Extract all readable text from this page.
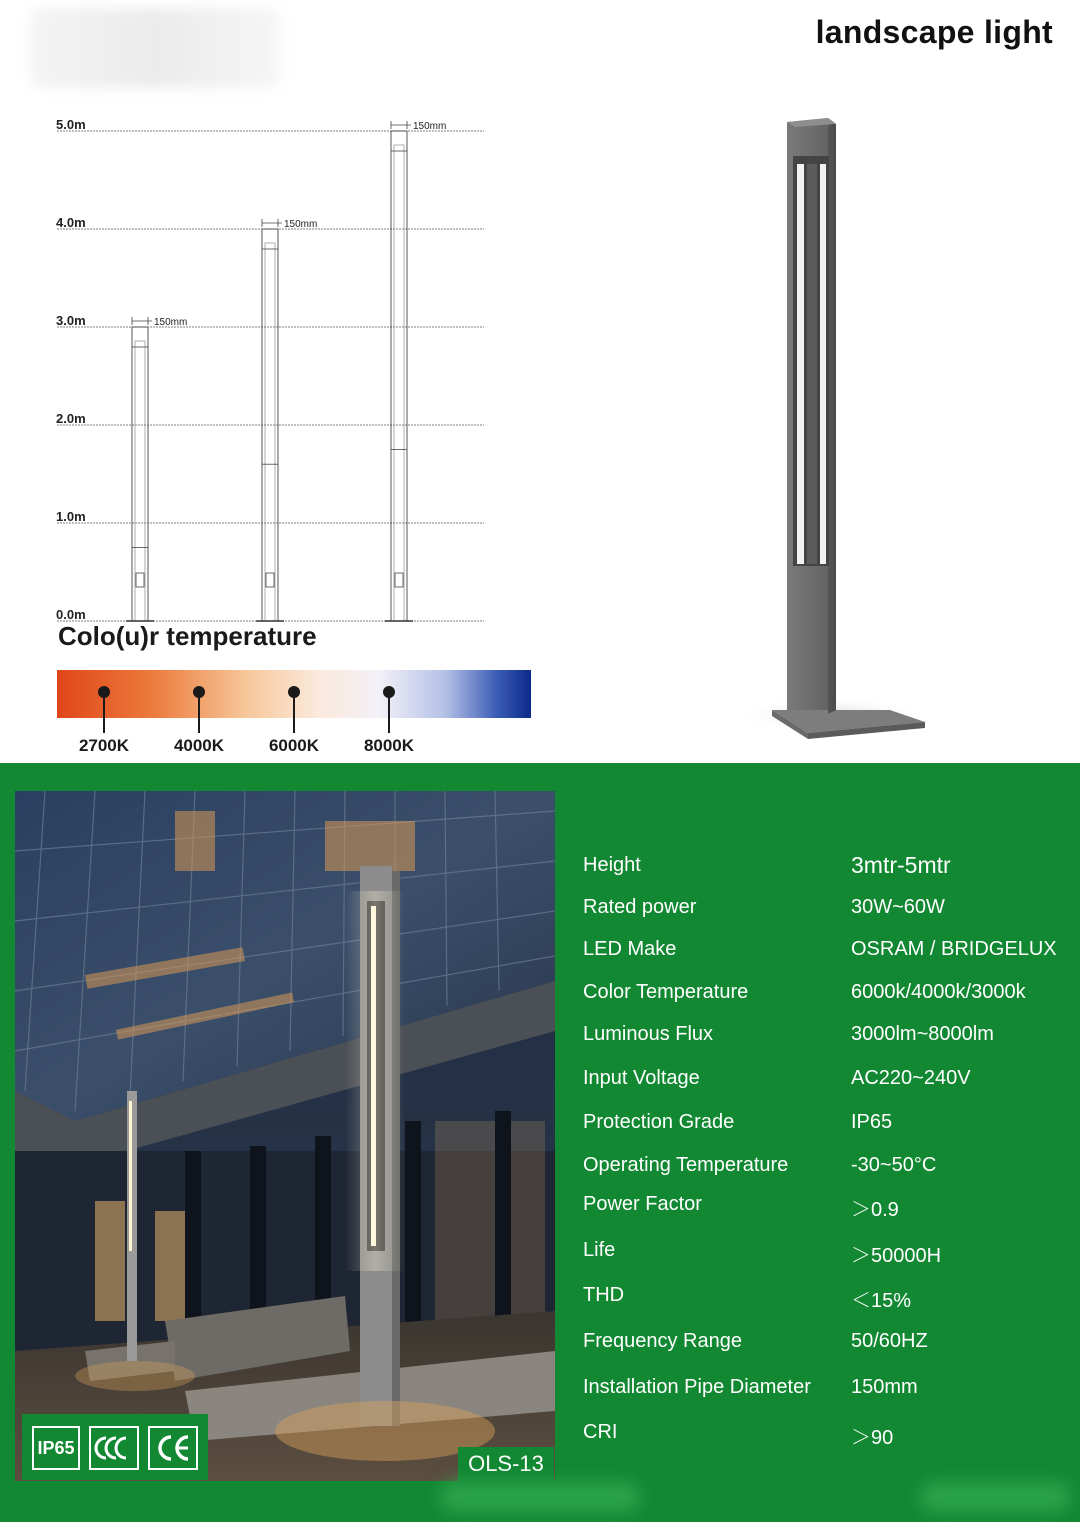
landscape light
5.0m
4.0m
3.0m
2.0m
1.0m
0.0m
150mm
150mm
150mm
Colo(u)r temperature
2700K	4000K	6000K	8000K
IP65
OLS-13
Height	3mtr-5mtr
Rated power	30W~60W
LED Make	OSRAM / BRIDGELUX
Color Temperature	6000k/4000k/3000k
Luminous Flux	3000lm~8000lm
Input Voltage	AC220~240V
Protection Grade	IP65
Operating Temperature	-30~50°C
Power Factor	＞0.9
Life	＞50000H
THD	＜15%
Frequency Range	50/60HZ
Installation Pipe Diameter 150mm
CRI	＞90
